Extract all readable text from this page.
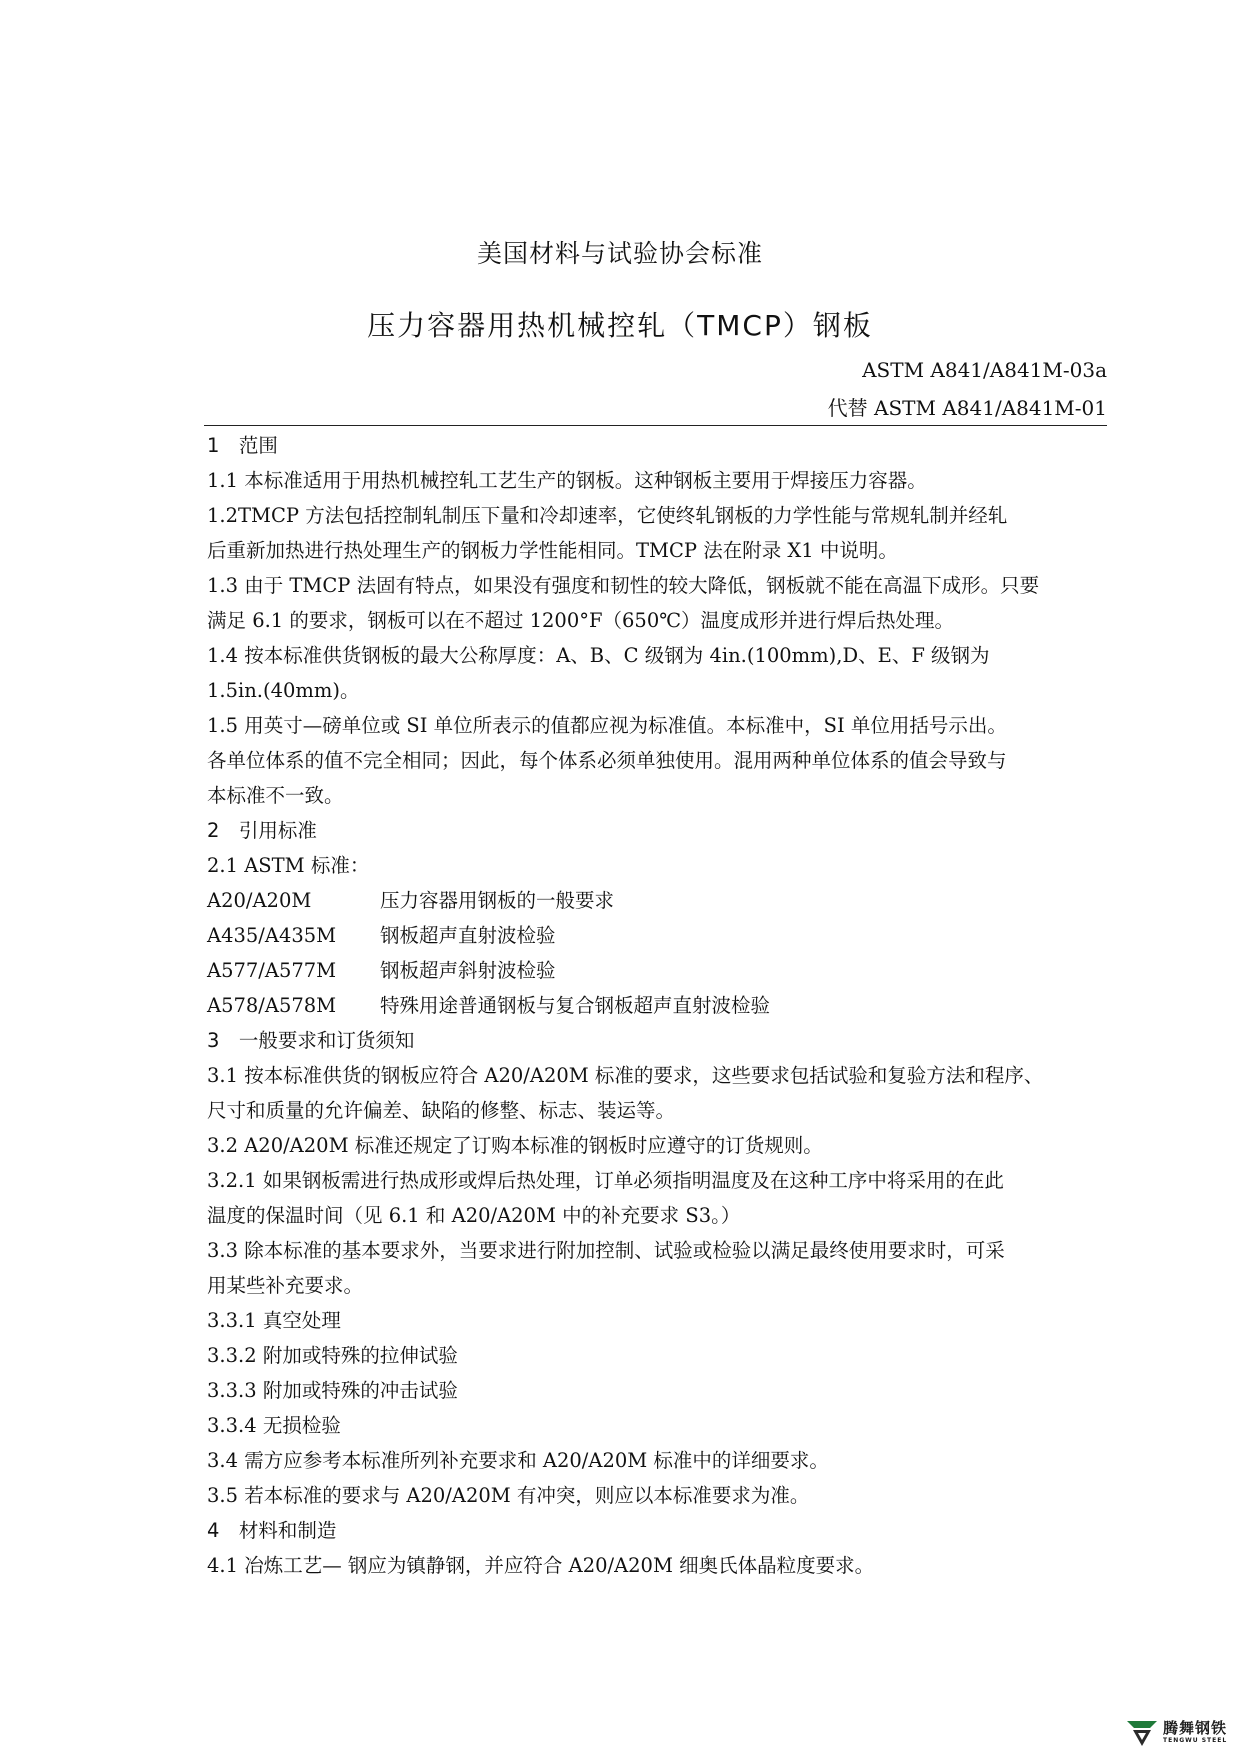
美国材料与试验协会标准
压力容器用热机械控轧（TMCP）钢板
ASTM A841/A841M-03a
代替 ASTM A841/A841M-01
1　范围
1.1 本标准适用于用热机械控轧工艺生产的钢板。这种钢板主要用于焊接压力容器。
1.2TMCP 方法包括控制轧制压下量和冷却速率，它使终轧钢板的力学性能与常规轧制并经轧
后重新加热进行热处理生产的钢板力学性能相同。TMCP 法在附录 X1 中说明。
1.3 由于 TMCP 法固有特点，如果没有强度和韧性的较大降低，钢板就不能在高温下成形。只要
满足 6.1 的要求，钢板可以在不超过 1200°F（650℃）温度成形并进行焊后热处理。
1.4 按本标准供货钢板的最大公称厚度：A、B、C 级钢为 4in.(100mm),D、E、F 级钢为
1.5in.(40mm)。
1.5 用英寸—磅单位或 SI 单位所表示的值都应视为标准值。本标准中，SI 单位用括号示出。
各单位体系的值不完全相同；因此，每个体系必须单独使用。混用两种单位体系的值会导致与
本标准不一致。
2　引用标准
2.1 ASTM 标准：
A20/A20M	压力容器用钢板的一般要求
A435/A435M	钢板超声直射波检验
A577/A577M	钢板超声斜射波检验
A578/A578M	特殊用途普通钢板与复合钢板超声直射波检验
3　一般要求和订货须知
3.1 按本标准供货的钢板应符合 A20/A20M 标准的要求，这些要求包括试验和复验方法和程序、
尺寸和质量的允许偏差、缺陷的修整、标志、装运等。
3.2 A20/A20M 标准还规定了订购本标准的钢板时应遵守的订货规则。
3.2.1 如果钢板需进行热成形或焊后热处理，订单必须指明温度及在这种工序中将采用的在此
温度的保温时间（见 6.1 和 A20/A20M 中的补充要求 S3。）
3.3 除本标准的基本要求外，当要求进行附加控制、试验或检验以满足最终使用要求时，可采
用某些补充要求。
3.3.1 真空处理
3.3.2 附加或特殊的拉伸试验
3.3.3 附加或特殊的冲击试验
3.3.4 无损检验
3.4 需方应参考本标准所列补充要求和 A20/A20M 标准中的详细要求。
3.5 若本标准的要求与 A20/A20M 有冲突，则应以本标准要求为准。
4　材料和制造
4.1 冶炼工艺— 钢应为镇静钢，并应符合 A20/A20M 细奥氏体晶粒度要求。
腾舞钢铁
TENGWU STEEL
